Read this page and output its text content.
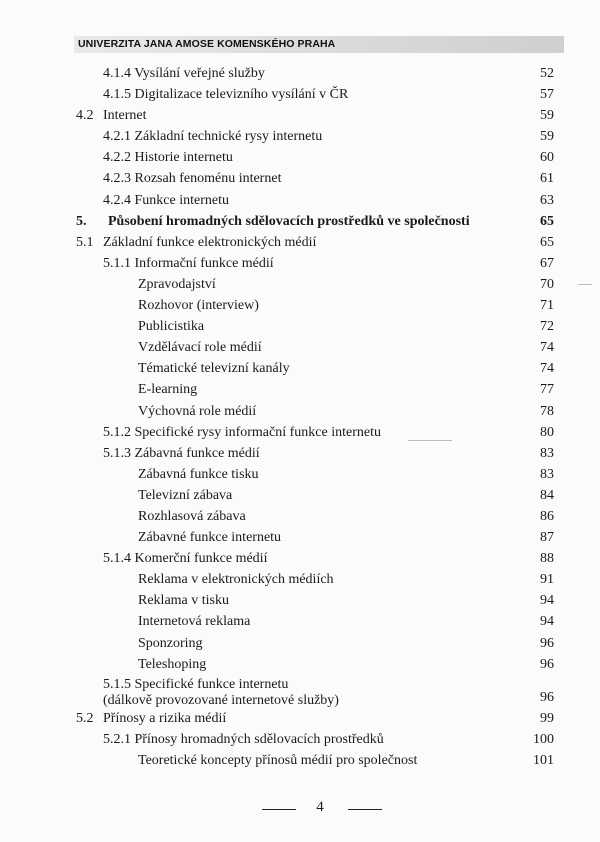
UNIVERZITA JANA AMOSE KOMENSKÉHO PRAHA
4.1.4 Vysílání veřejné služby	52
4.1.5 Digitalizace televizního vysílání v ČR	57
4.2 Internet	59
4.2.1 Základní technické rysy internetu	59
4.2.2 Historie internetu	60
4.2.3 Rozsah fenoménu internet	61
4.2.4 Funkce internetu	63
5. Působení hromadných sdělovacích prostředků ve společnosti	65
5.1 Základní funkce elektronických médií	65
5.1.1 Informační funkce médií	67
Zpravodajství	70
Rozhovor (interview)	71
Publicistika	72
Vzdělávací role médií	74
Tématické televizní kanály	74
E-learning	77
Výchovná role médií	78
5.1.2 Specifické rysy informační funkce internetu	80
5.1.3 Zábavná funkce médií	83
Zábavná funkce tisku	83
Televizní zábava	84
Rozhlasová zábava	86
Zábavné funkce internetu	87
5.1.4 Komerční funkce médií	88
Reklama v elektronických médiích	91
Reklama v tisku	94
Internetová reklama	94
Sponzoring	96
Teleshoping	96
5.1.5 Specifické funkce internetu
(dálkově provozované internetové služby)	96
5.2 Přínosy a rizika médií	99
5.2.1 Přínosy hromadných sdělovacích prostředků	100
Teoretické koncepty přínosů médií pro společnost	101
4
